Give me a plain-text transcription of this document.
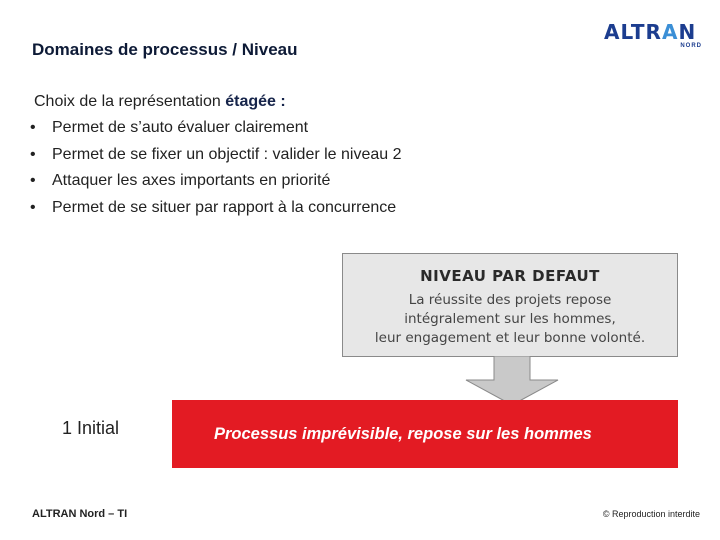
Domaines de processus / Niveau
ALTRAN
NORD
Choix de la représentation étagée :
• Permet de s’auto évaluer clairement
• Permet de se fixer un objectif : valider le niveau 2
• Attaquer les axes importants en priorité
• Permet de se situer par rapport à la concurrence
NIVEAU PAR DEFAUT
La réussite des projets repose
intégralement sur les hommes,
leur engagement et leur bonne volonté.
1 Initial	Processus imprévisible, repose sur les hommes
ALTRAN Nord – TI	© Reproduction interdite
